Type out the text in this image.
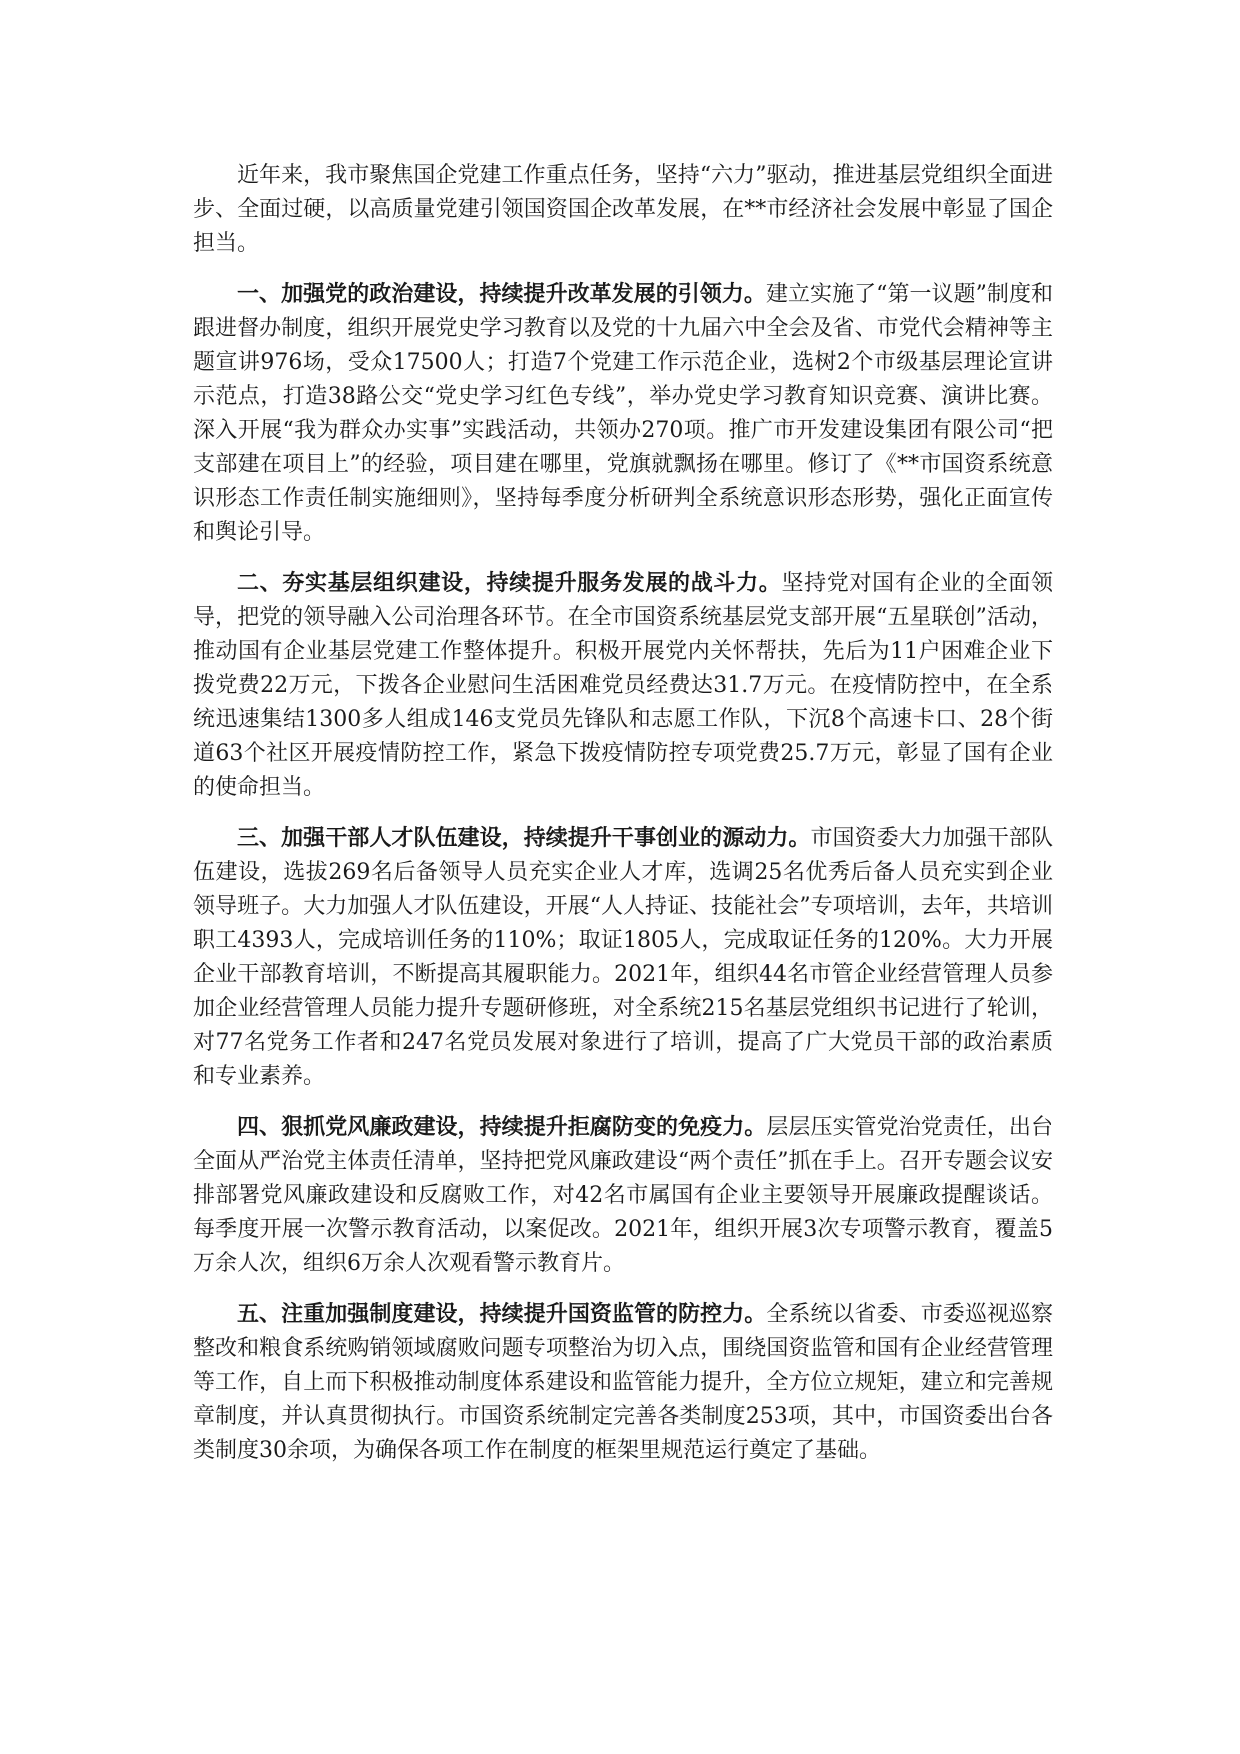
近年来，我市聚焦国企党建工作重点任务，坚持“六力”驱动，推进基层党组织全面进步、全面过硬，以高质量党建引领国资国企改革发展，在**市经济社会发展中彰显了国企担当。

一、加强党的政治建设，持续提升改革发展的引领力。建立实施了“第一议题”制度和跟进督办制度，组织开展党史学习教育以及党的十九届六中全会及省、市党代会精神等主题宣讲976场，受众17500人；打造7个党建工作示范企业，选树2个市级基层理论宣讲示范点，打造38路公交“党史学习红色专线”，举办党史学习教育知识竞赛、演讲比赛。深入开展“我为群众办实事”实践活动，共领办270项。推广市开发建设集团有限公司“把支部建在项目上”的经验，项目建在哪里，党旗就飘扬在哪里。修订了《**市国资系统意识形态工作责任制实施细则》，坚持每季度分析研判全系统意识形态形势，强化正面宣传和舆论引导。

二、夯实基层组织建设，持续提升服务发展的战斗力。坚持党对国有企业的全面领导，把党的领导融入公司治理各环节。在全市国资系统基层党支部开展“五星联创”活动，推动国有企业基层党建工作整体提升。积极开展党内关怀帮扶，先后为11户困难企业下拨党费22万元，下拨各企业慰问生活困难党员经费达31.7万元。在疫情防控中，在全系统迅速集结1300多人组成146支党员先锋队和志愿工作队，下沉8个高速卡口、28个街道63个社区开展疫情防控工作，紧急下拨疫情防控专项党费25.7万元，彰显了国有企业的使命担当。

三、加强干部人才队伍建设，持续提升干事创业的源动力。市国资委大力加强干部队伍建设，选拔269名后备领导人员充实企业人才库，选调25名优秀后备人员充实到企业领导班子。大力加强人才队伍建设，开展“人人持证、技能社会”专项培训，去年，共培训职工4393人，完成培训任务的110%；取证1805人，完成取证任务的120%。大力开展企业干部教育培训，不断提高其履职能力。2021年，组织44名市管企业经营管理人员参加企业经营管理人员能力提升专题研修班，对全系统215名基层党组织书记进行了轮训，对77名党务工作者和247名党员发展对象进行了培训，提高了广大党员干部的政治素质和专业素养。

四、狠抓党风廉政建设，持续提升拒腐防变的免疫力。层层压实管党治党责任，出台全面从严治党主体责任清单，坚持把党风廉政建设“两个责任”抓在手上。召开专题会议安排部署党风廉政建设和反腐败工作，对42名市属国有企业主要领导开展廉政提醒谈话。每季度开展一次警示教育活动，以案促改。2021年，组织开展3次专项警示教育，覆盖5万余人次，组织6万余人次观看警示教育片。

五、注重加强制度建设，持续提升国资监管的防控力。全系统以省委、市委巡视巡察整改和粮食系统购销领域腐败问题专项整治为切入点，围绕国资监管和国有企业经营管理等工作，自上而下积极推动制度体系建设和监管能力提升，全方位立规矩，建立和完善规章制度，并认真贯彻执行。市国资系统制定完善各类制度253项，其中，市国资委出台各类制度30余项，为确保各项工作在制度的框架里规范运行奠定了基础。
